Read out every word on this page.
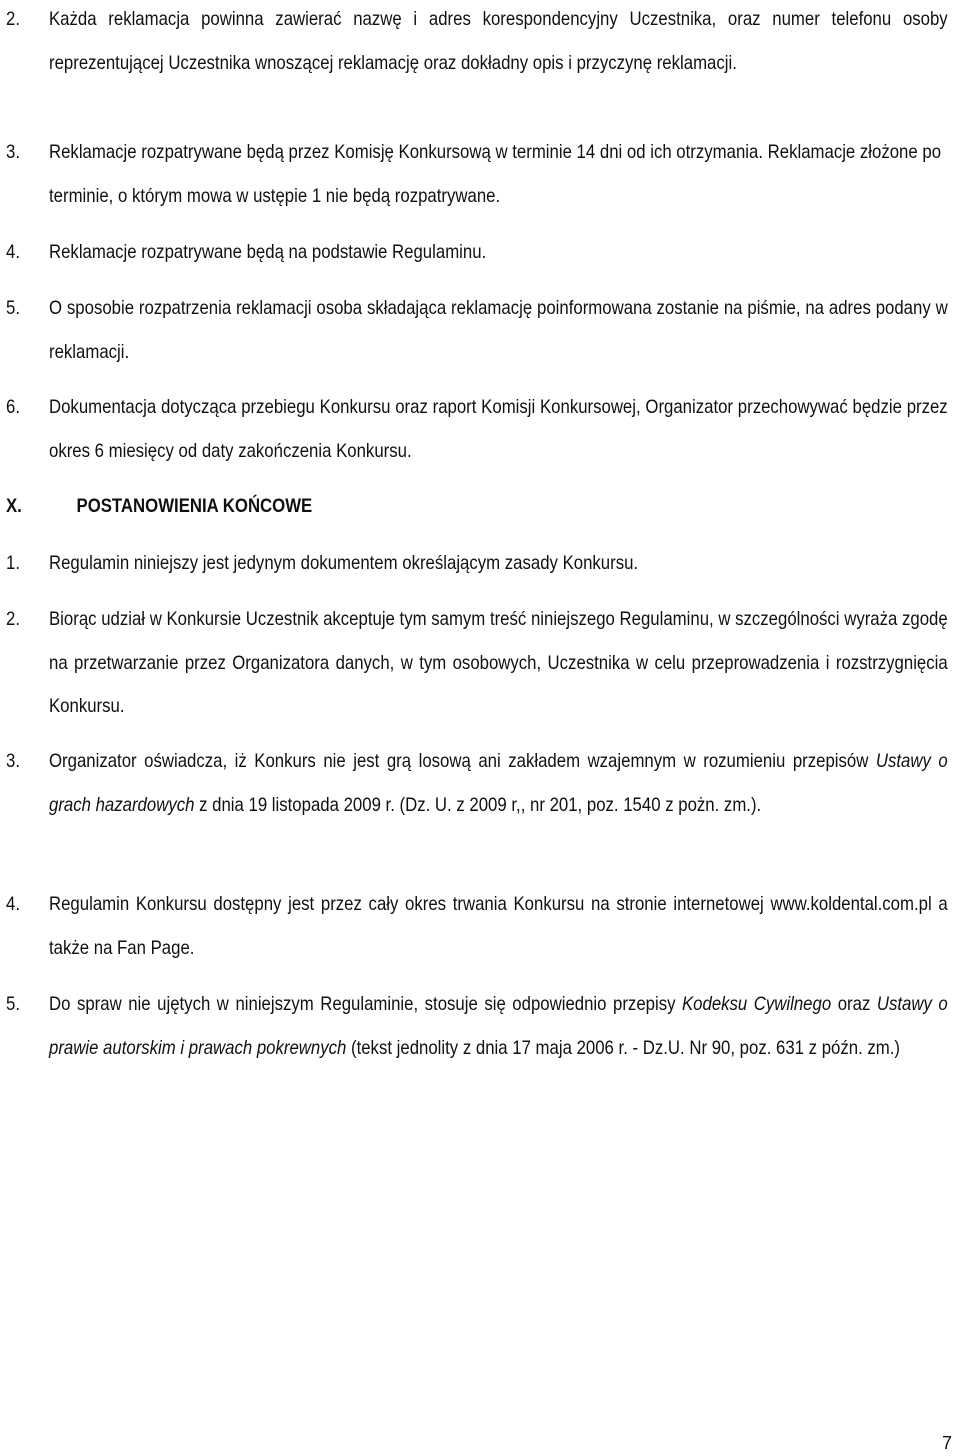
2. Każda reklamacja powinna zawierać nazwę i adres korespondencyjny Uczestnika, oraz numer telefonu osoby reprezentującej Uczestnika wnoszącej reklamację oraz dokładny opis i przyczynę reklamacji.
3. Reklamacje rozpatrywane będą przez Komisję Konkursową w terminie 14 dni od ich otrzymania. Reklamacje złożone po terminie, o którym mowa w ustępie 1 nie będą rozpatrywane.
4. Reklamacje rozpatrywane będą na podstawie Regulaminu.
5. O sposobie rozpatrzenia reklamacji osoba składająca reklamację poinformowana zostanie na piśmie, na adres podany w reklamacji.
6. Dokumentacja dotycząca przebiegu Konkursu oraz raport Komisji Konkursowej, Organizator przechowywać będzie przez okres 6 miesięcy od daty zakończenia Konkursu.
X.	POSTANOWIENIA KOŃCOWE
1. Regulamin niniejszy jest jedynym dokumentem określającym zasady Konkursu.
2. Biorąc udział w Konkursie Uczestnik akceptuje tym samym treść niniejszego Regulaminu, w szczególności wyraża zgodę na przetwarzanie przez Organizatora danych, w tym osobowych, Uczestnika w celu przeprowadzenia i rozstrzygnięcia Konkursu.
3. Organizator oświadcza, iż Konkurs nie jest grą losową ani zakładem wzajemnym w rozumieniu przepisów Ustawy o grach hazardowych z dnia 19 listopada 2009 r. (Dz. U. z 2009 r,, nr 201, poz. 1540 z pożn. zm.).
4. Regulamin Konkursu dostępny jest przez cały okres trwania Konkursu na stronie internetowej www.koldental.com.pl a także na Fan Page.
5. Do spraw nie ujętych w niniejszym Regulaminie, stosuje się odpowiednio przepisy Kodeksu Cywilnego oraz Ustawy o prawie autorskim i prawach pokrewnych (tekst jednolity z dnia 17 maja 2006 r. - Dz.U. Nr 90, poz. 631 z późn. zm.)
7
